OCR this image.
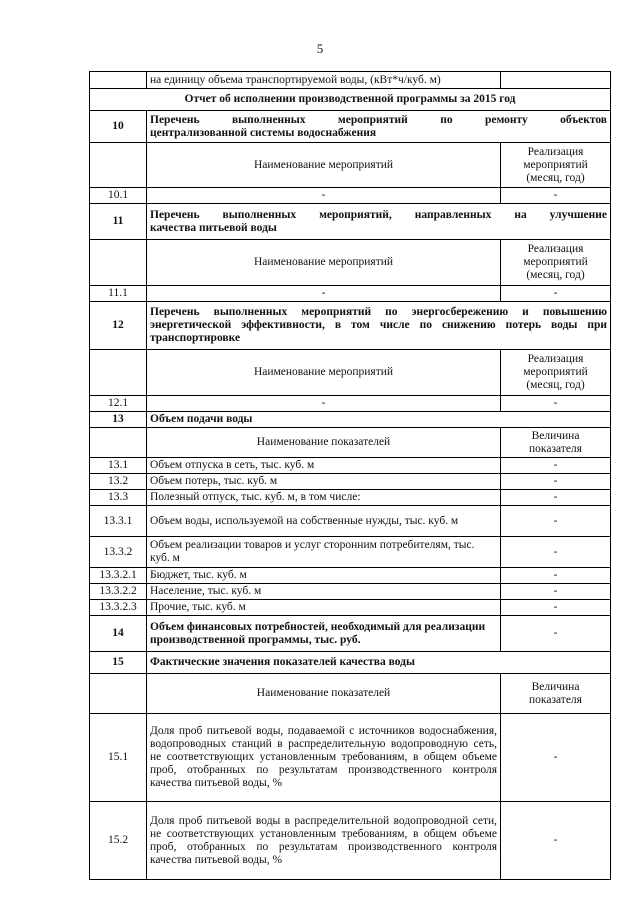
5
	на единицу объема транспортируемой воды, (кВт*ч/куб. м)	
Отчет об исполнении производственной программы за 2015 год		
10	Перечень выполненных мероприятий по ремонту объектов
централизованной системы водоснабжения	

	Наименование мероприятий	Реализация мероприятий (месяц, год)
10.1	-	-
11	Перечень выполненных мероприятий, направленных на улучшение
качества питьевой воды	

	Наименование мероприятий	Реализация мероприятий (месяц, год)
11.1	-	-
12	Перечень выполненных мероприятий по энергосбережению и повышению
энергетической эффективности, в том числе по снижению потерь воды при
транспортировке	

	Наименование мероприятий	Реализация мероприятий (месяц, год)
12.1	-	-
13	Объем подачи воды	
	Наименование показателей	Величина показателя
13.1	Объем отпуска в сеть, тыс. куб. м	-
13.2	Объем потерь, тыс. куб. м	-
13.3	Полезный отпуск, тыс. куб. м, в том числе:	-
13.3.1	Объем воды, используемой на собственные нужды, тыс. куб. м	-
13.3.2	Объем реализации товаров и услуг сторонним потребителям, тыс. куб. м	-
13.3.2.1	Бюджет, тыс. куб. м	-
13.3.2.2	Население, тыс. куб. м	-
13.3.2.3	Прочие, тыс. куб. м	-
14	Объем финансовых потребностей, необходимый для реализации производственной программы, тыс. руб.	-
15	Фактические значения показателей качества воды	
	Наименование показателей	Величина показателя
15.1	Доля проб питьевой воды, подаваемой с источников водоснабжения, водопроводных станций в распределительную водопроводную сеть, не соответствующих установленным требованиям, в общем объеме проб, отобранных по результатам производственного контроля качества питьевой воды, %	-
15.2	Доля проб питьевой воды в распределительной водопроводной сети, не соответствующих установленным требованиям, в общем объеме проб, отобранных по результатам производственного контроля качества питьевой воды, %	-
